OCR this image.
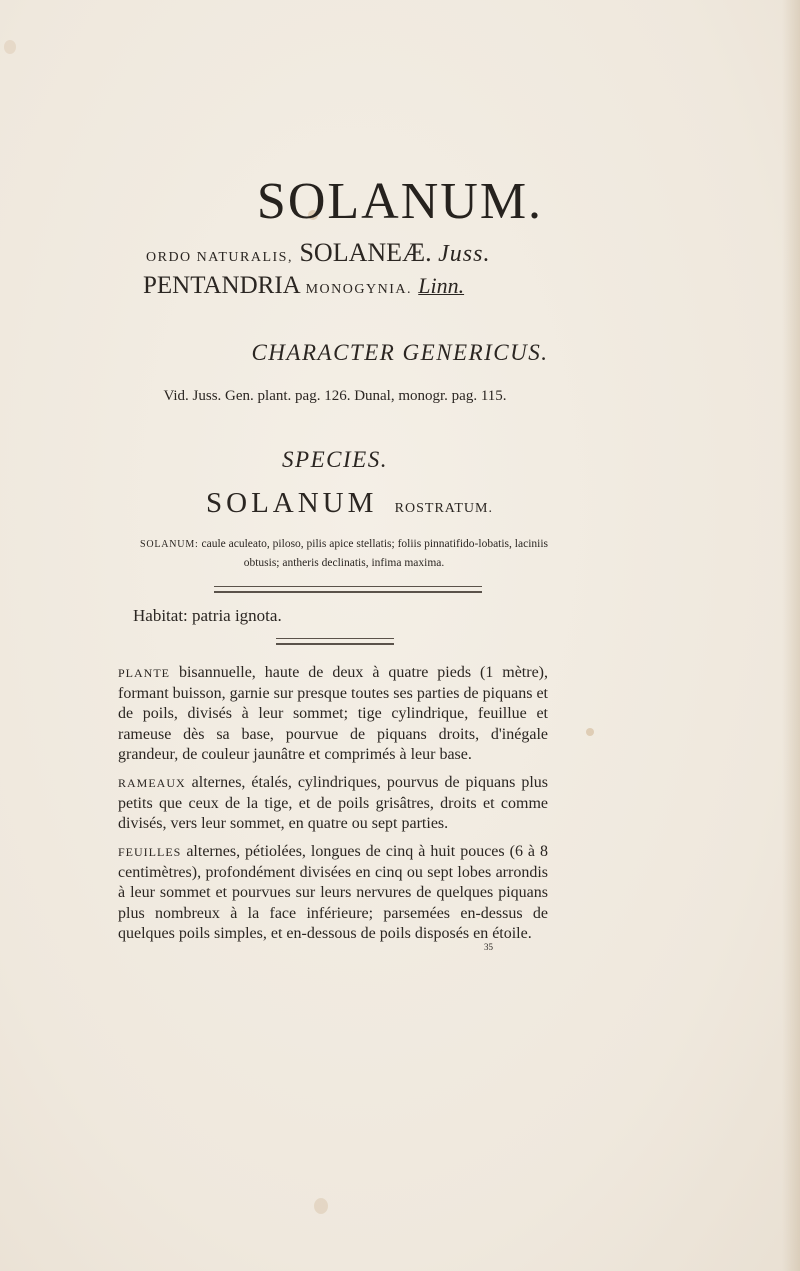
SOLANUM.
ORDO NATURALIS, SOLANEÆ. Juss.
PENTANDRIA MONOGYNIA. Linn.
CHARACTER GENERICUS.
Vid. Juss. Gen. plant. pag. 126. Dunal, monogr. pag. 115.
SPECIES.
SOLANUM ROSTRATUM.
SOLANUM: caule aculeato, piloso, pilis apice stellatis; foliis pinnatifido-lobatis, laciniis obtusis; antheris declinatis, infima maxima.
Habitat: patria ignota.
PLANTE bisannuelle, haute de deux à quatre pieds (1 mètre), formant buisson, garnie sur presque toutes ses parties de piquans et de poils, divisés à leur sommet; tige cylindrique, feuillue et rameuse dès sa base, pourvue de piquans droits, d'inégale grandeur, de couleur jaunâtre et comprimés à leur base.
RAMEAUX alternes, étalés, cylindriques, pourvus de piquans plus petits que ceux de la tige, et de poils grisâtres, droits et comme divisés, vers leur sommet, en quatre ou sept parties.
FEUILLES alternes, pétiolées, longues de cinq à huit pouces (6 à 8 centimètres), profondément divisées en cinq ou sept lobes arrondis à leur sommet et pourvues sur leurs nervures de quelques piquans plus nombreux à la face inférieure; parsemées en-dessus de quelques poils simples, et en-dessous de poils disposés en étoile.
35
